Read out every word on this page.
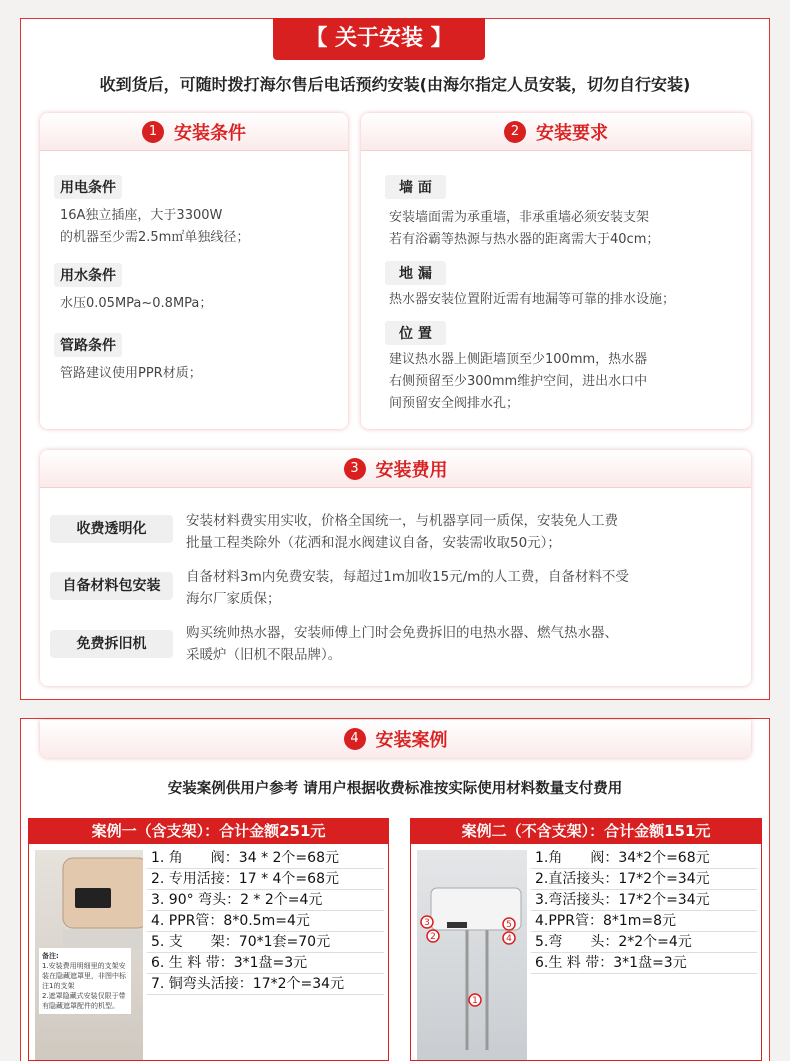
【 关于安装 】
收到货后，可随时拨打海尔售后电话预约安装(由海尔指定人员安装，切勿自行安装)
1 安装条件
用电条件
16A独立插座，大于3300W
的机器至少需2.5m㎡单独线径；
用水条件
水压0.05MPa~0.8MPa；
管路条件
管路建议使用PPR材质；
2 安装要求
墙 面
安装墙面需为承重墙，非承重墙必须安装支架
若有浴霸等热源与热水器的距离需大于40cm；
地 漏
热水器安装位置附近需有地漏等可靠的排水设施；
位 置
建议热水器上侧距墙顶至少100mm，热水器
右侧预留至少300mm维护空间，进出水口中
间预留安全阀排水孔；
3 安装费用
收费透明化	安装材料费实用实收，价格全国统一，与机器享同一质保，安装免人工费
批量工程类除外（花洒和混水阀建议自备，安装需收取50元）；
自备材料包安装
自备材料3m内免费安装，每超过1m加收15元/m的人工费，自备材料不受
海尔厂家质保；
免费拆旧机
购买统帅热水器，安装师傅上门时会免费拆旧的电热水器、燃气热水器、
采暖炉（旧机不限品牌）。
4 安装案例
安装案例供用户参考 请用户根据收费标准按实际使用材料数量支付费用
案例一（含支架）：合计金额251元
备注:
1.安装费用明细里的支架安装在隐藏遮罩里，非图中标注1的支架
2.遮罩隐藏式安装仅限于带有隐藏遮罩配件的机型。
1. 角　　阀：34 * 2个=68元
2. 专用活接：17 * 4个=68元
3. 90° 弯头：2 * 2个=4元
4. PPR管：8*0.5m=4元
5. 支　　架：70*1套=70元
6. 生 料 带：3*1盘=3元
7. 铜弯头活接：17*2个=34元
案例二（不含支架）：合计金额151元
3
2	4
5
1
1.角　　阀：34*2个=68元
2.直活接头：17*2个=34元
3.弯活接头：17*2个=34元
4.PPR管：8*1m=8元
5.弯　　头：2*2个=4元
6.生 料 带：3*1盘=3元
